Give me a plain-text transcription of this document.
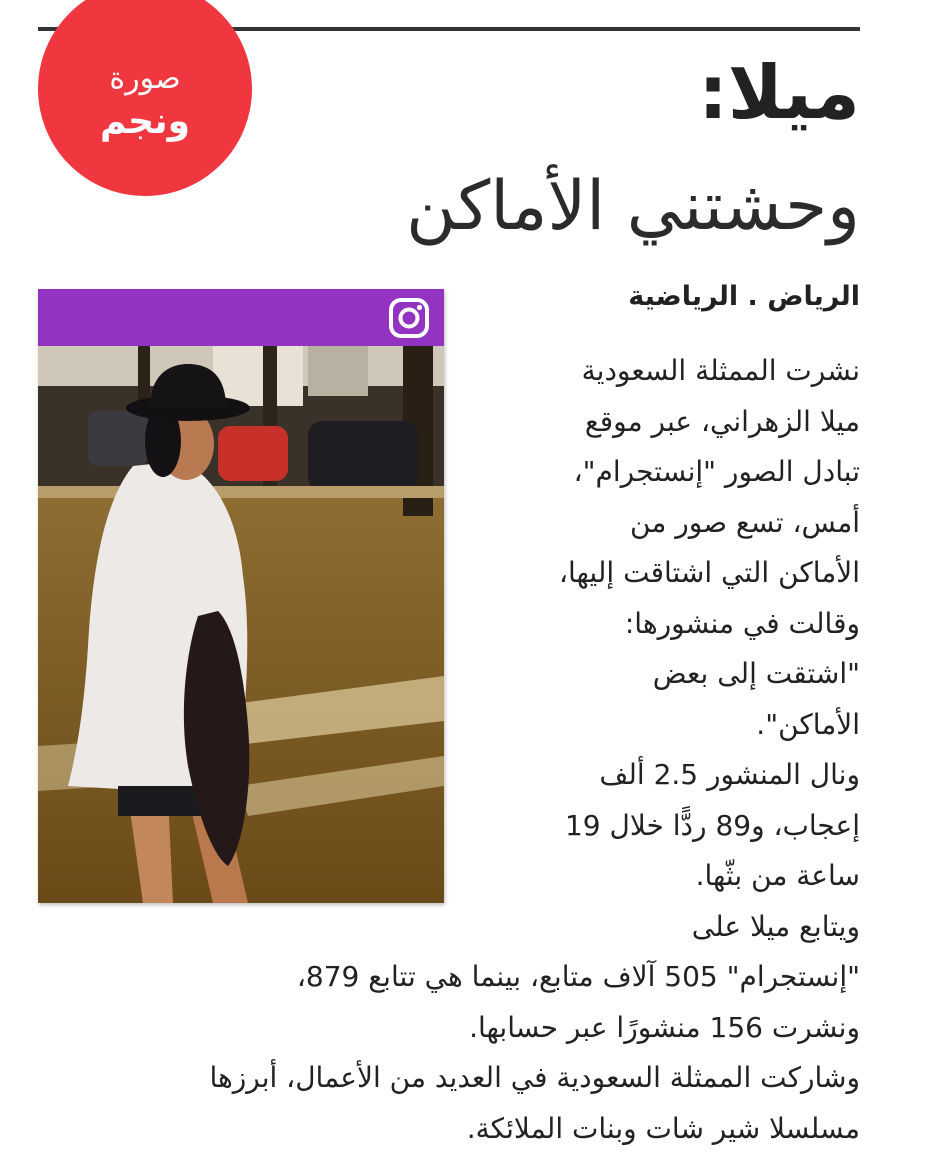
صورة
ونجم	ميلا:
وحشتني الأماكن
الرياض . الرياضية
نشرت الممثلة السعودية
ميلا الزهراني، عبر موقع
تبادل الصور "إنستجرام"،
أمس، تسع صور من
الأماكن التي اشتاقت إليها،
وقالت في منشورها:
"اشتقت إلى بعض
الأماكن".
ونال المنشور 2.5 ألف
إعجاب، و89 ردًّا خلال 19
ساعة من بثّها.
ويتابع ميلا على
"إنستجرام" 505 آلاف متابع، بينما هي تتابع 879،
ونشرت 156 منشورًا عبر حسابها.
وشاركت الممثلة السعودية في العديد من الأعمال، أبرزها
مسلسلا شير شات وبنات الملائكة.
